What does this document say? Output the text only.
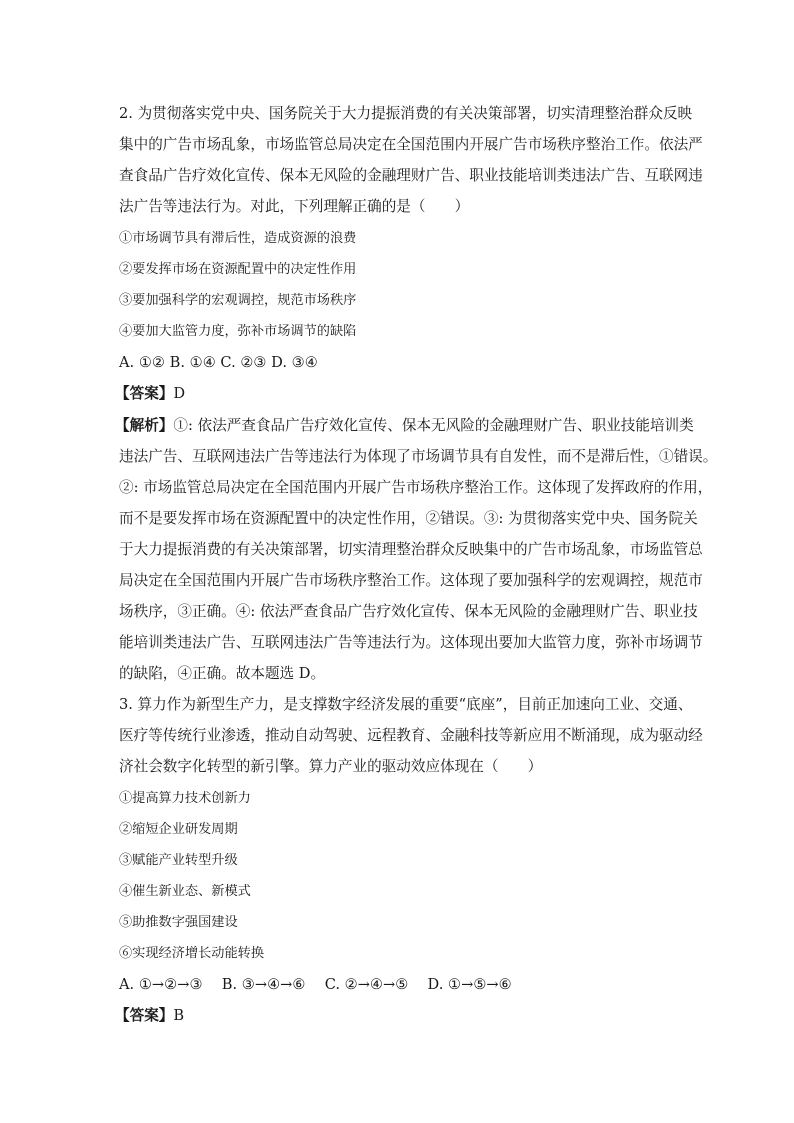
2. 为贯彻落实党中央、国务院关于大力提振消费的有关决策部署，切实清理整治群众反映
集中的广告市场乱象，市场监管总局决定在全国范围内开展广告市场秩序整治工作。依法严
查食品广告疗效化宣传、保本无风险的金融理财广告、职业技能培训类违法广告、互联网违
法广告等违法行为。对此，下列理解正确的是（　　）
①市场调节具有滞后性，造成资源的浪费
②要发挥市场在资源配置中的决定性作用
③要加强科学的宏观调控，规范市场秩序
④要加大监管力度，弥补市场调节的缺陷
A. ①② B. ①④ C. ②③ D. ③④
【答案】D
【解析】①: 依法严查食品广告疗效化宣传、保本无风险的金融理财广告、职业技能培训类
违法广告、互联网违法广告等违法行为体现了市场调节具有自发性，而不是滞后性，①错误。
②: 市场监管总局决定在全国范围内开展广告市场秩序整治工作。这体现了发挥政府的作用，
而不是要发挥市场在资源配置中的决定性作用，②错误。③: 为贯彻落实党中央、国务院关
于大力提振消费的有关决策部署，切实清理整治群众反映集中的广告市场乱象，市场监管总
局决定在全国范围内开展广告市场秩序整治工作。这体现了要加强科学的宏观调控，规范市
场秩序，③正确。④: 依法严查食品广告疗效化宣传、保本无风险的金融理财广告、职业技
能培训类违法广告、互联网违法广告等违法行为。这体现出要加大监管力度，弥补市场调节
的缺陷，④正确。故本题选 D。
3. 算力作为新型生产力，是支撑数字经济发展的重要“底座”，目前正加速向工业、交通、
医疗等传统行业渗透，推动自动驾驶、远程教育、金融科技等新应用不断涌现，成为驱动经
济社会数字化转型的新引擎。算力产业的驱动效应体现在（　　）
①提高算力技术创新力
②缩短企业研发周期
③赋能产业转型升级
④催生新业态、新模式
⑤助推数字强国建设
⑥实现经济增长动能转换
A. ①→②→③　 B. ③→④→⑥　 C. ②→④→⑤　 D. ①→⑤→⑥
【答案】B
